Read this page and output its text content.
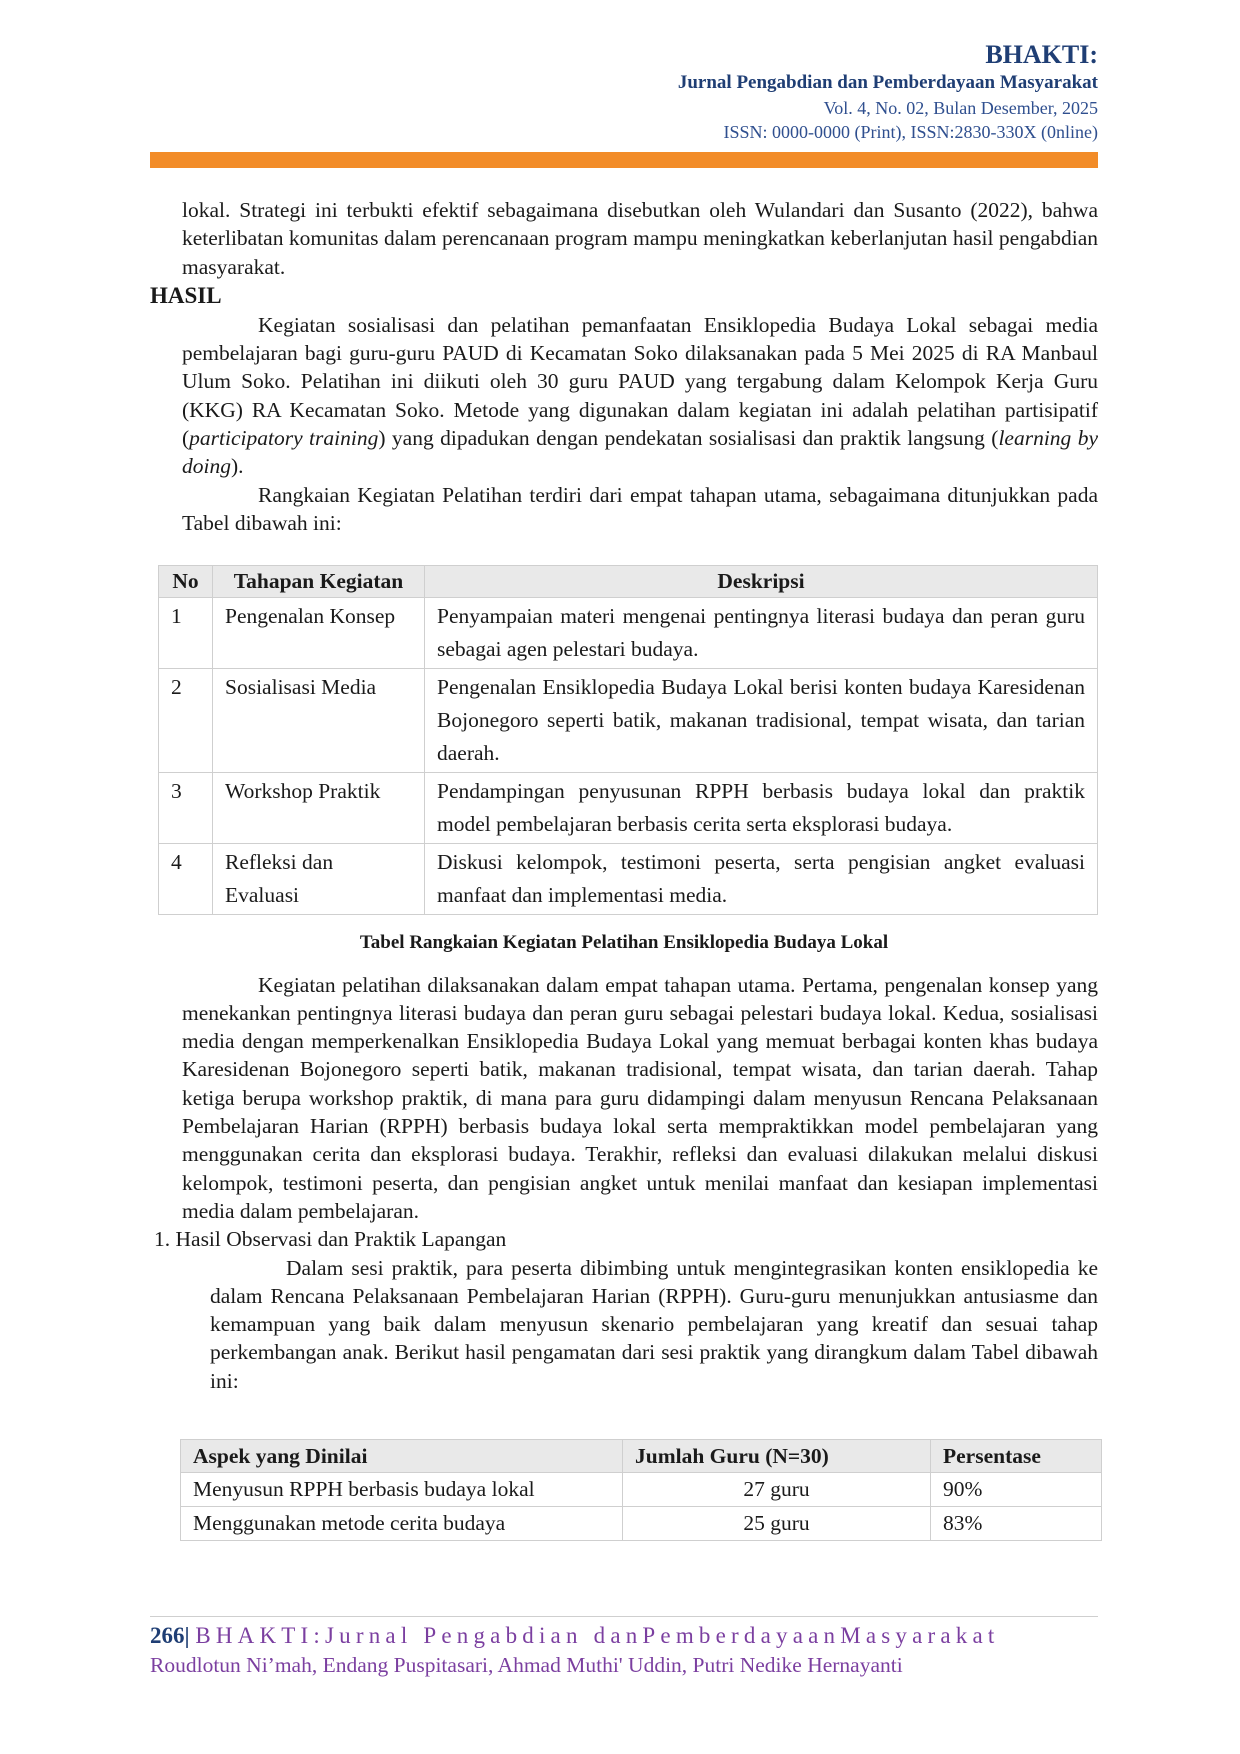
BHAKTI:
Jurnal Pengabdian dan Pemberdayaan Masyarakat
Vol. 4, No. 02, Bulan Desember, 2025
ISSN: 0000-0000 (Print), ISSN:2830-330X (0nline)

lokal. Strategi ini terbukti efektif sebagaimana disebutkan oleh Wulandari dan Susanto (2022), bahwa keterlibatan komunitas dalam perencanaan program mampu meningkatkan keberlanjutan hasil pengabdian masyarakat.

HASIL

Kegiatan sosialisasi dan pelatihan pemanfaatan Ensiklopedia Budaya Lokal sebagai media pembelajaran bagi guru-guru PAUD di Kecamatan Soko dilaksanakan pada 5 Mei 2025 di RA Manbaul Ulum Soko. Pelatihan ini diikuti oleh 30 guru PAUD yang tergabung dalam Kelompok Kerja Guru (KKG) RA Kecamatan Soko. Metode yang digunakan dalam kegiatan ini adalah pelatihan partisipatif (participatory training) yang dipadukan dengan pendekatan sosialisasi dan praktik langsung (learning by doing).

Rangkaian Kegiatan Pelatihan terdiri dari empat tahapan utama, sebagaimana ditunjukkan pada Tabel dibawah ini:

No	Tahapan Kegiatan	Deskripsi
1	Pengenalan Konsep	Penyampaian materi mengenai pentingnya literasi budaya dan peran guru sebagai agen pelestari budaya.
2	Sosialisasi Media	Pengenalan Ensiklopedia Budaya Lokal berisi konten budaya Karesidenan Bojonegoro seperti batik, makanan tradisional, tempat wisata, dan tarian daerah.
3	Workshop Praktik	Pendampingan penyusunan RPPH berbasis budaya lokal dan praktik model pembelajaran berbasis cerita serta eksplorasi budaya.
4	Refleksi dan Evaluasi	Diskusi kelompok, testimoni peserta, serta pengisian angket evaluasi manfaat dan implementasi media.
Tabel Rangkaian Kegiatan Pelatihan Ensiklopedia Budaya Lokal

Kegiatan pelatihan dilaksanakan dalam empat tahapan utama. Pertama, pengenalan konsep yang menekankan pentingnya literasi budaya dan peran guru sebagai pelestari budaya lokal. Kedua, sosialisasi media dengan memperkenalkan Ensiklopedia Budaya Lokal yang memuat berbagai konten khas budaya Karesidenan Bojonegoro seperti batik, makanan tradisional, tempat wisata, dan tarian daerah. Tahap ketiga berupa workshop praktik, di mana para guru didampingi dalam menyusun Rencana Pelaksanaan Pembelajaran Harian (RPPH) berbasis budaya lokal serta mempraktikkan model pembelajaran yang menggunakan cerita dan eksplorasi budaya. Terakhir, refleksi dan evaluasi dilakukan melalui diskusi kelompok, testimoni peserta, dan pengisian angket untuk menilai manfaat dan kesiapan implementasi media dalam pembelajaran.

1. Hasil Observasi dan Praktik Lapangan

Dalam sesi praktik, para peserta dibimbing untuk mengintegrasikan konten ensiklopedia ke dalam Rencana Pelaksanaan Pembelajaran Harian (RPPH). Guru-guru menunjukkan antusiasme dan kemampuan yang baik dalam menyusun skenario pembelajaran yang kreatif dan sesuai tahap perkembangan anak. Berikut hasil pengamatan dari sesi praktik yang dirangkum dalam Tabel dibawah ini:

Aspek yang Dinilai	Jumlah Guru (N=30)	Persentase
Menyusun RPPH berbasis budaya lokal	27 guru	90%
Menggunakan metode cerita budaya	25 guru	83%
266| BHAKTI:Jurnal Pengabdian danPemberdayaanMasyarakat
Roudlotun Ni’mah, Endang Puspitasari, Ahmad Muthi' Uddin, Putri Nedike Hernayanti
